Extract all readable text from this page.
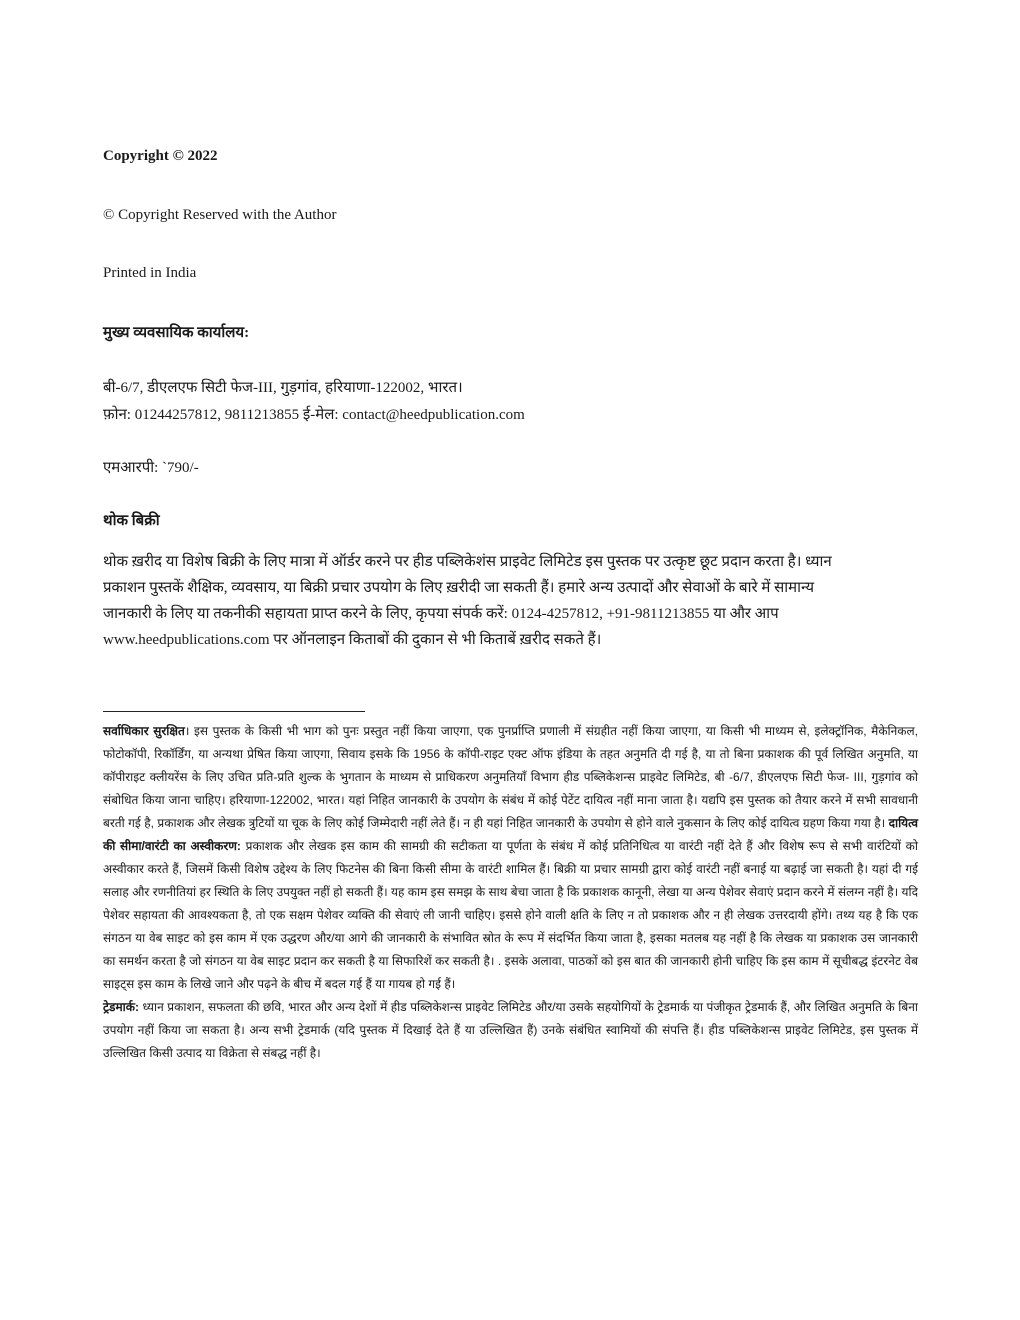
Copyright © 2022
© Copyright Reserved with the Author
Printed in India
मुख्य व्यवसायिक कार्यालय:
बी-6/7, डीएलएफ सिटी फेज-III, गुड़गांव, हरियाणा-122002, भारत।
फ़ोन: 01244257812, 9811213855 ई-मेल: contact@heedpublication.com
एमआरपी: `790/-
थोक बिक्री
थोक ख़रीद या विशेष बिक्री के लिए मात्रा में ऑर्डर करने पर हीड पब्लिकेशंस प्राइवेट लिमिटेड इस पुस्तक पर उत्कृष्ट छूट प्रदान करता है। ध्यान
प्रकाशन पुस्तकें शैक्षिक, व्यवसाय, या बिक्री प्रचार उपयोग के लिए ख़रीदी जा सकती हैं। हमारे अन्य उत्पादों और सेवाओं के बारे में सामान्य
जानकारी के लिए या तकनीकी सहायता प्राप्त करने के लिए, कृपया संपर्क करें: 0124-4257812, +91-9811213855 या और आप
www.heedpublications.com पर ऑनलाइन किताबों की दुकान से भी किताबें ख़रीद सकते हैं।

सर्वाधिकार सुरक्षित। इस पुस्तक के किसी भी भाग को पुनः प्रस्तुत नहीं किया जाएगा, एक पुनर्प्राप्ति प्रणाली में संग्रहीत नहीं किया जाएगा, या किसी भी माध्यम से, इलेक्ट्रॉनिक, मैकेनिकल, फोटोकॉपी, रिकॉर्डिंग, या अन्यथा प्रेषित किया जाएगा, सिवाय इसके कि 1956 के कॉपी-राइट एक्ट ऑफ इंडिया के तहत अनुमति दी गई है, या तो बिना प्रकाशक की पूर्व लिखित अनुमति, या कॉपीराइट क्लीयरेंस के लिए उचित प्रति-प्रति शुल्क के भुगतान के माध्यम से प्राधिकरण अनुमतियाँ विभाग हीड पब्लिकेशन्स प्राइवेट लिमिटेड, बी -6/7, डीएलएफ सिटी फेज- III, गुड़गांव को संबोधित किया जाना चाहिए। हरियाणा-122002, भारत। यहां निहित जानकारी के उपयोग के संबंध में कोई पेटेंट दायित्व नहीं माना जाता है। यद्यपि इस पुस्तक को तैयार करने में सभी सावधानी बरती गई है, प्रकाशक और लेखक त्रुटियों या चूक के लिए कोई जिम्मेदारी नहीं लेते हैं। न ही यहां निहित जानकारी के उपयोग से होने वाले नुकसान के लिए कोई दायित्व ग्रहण किया गया है। दायित्व की सीमा/वारंटी का अस्वीकरण: प्रकाशक और लेखक इस काम की सामग्री की सटीकता या पूर्णता के संबंध में कोई प्रतिनिधित्व या वारंटी नहीं देते हैं और विशेष रूप से सभी वारंटियों को अस्वीकार करते हैं, जिसमें किसी विशेष उद्देश्य के लिए फिटनेस की बिना किसी सीमा के वारंटी शामिल हैं। बिक्री या प्रचार सामग्री द्वारा कोई वारंटी नहीं बनाई या बढ़ाई जा सकती है। यहां दी गई सलाह और रणनीतियां हर स्थिति के लिए उपयुक्त नहीं हो सकती हैं। यह काम इस समझ के साथ बेचा जाता है कि प्रकाशक कानूनी, लेखा या अन्य पेशेवर सेवाएं प्रदान करने में संलग्न नहीं है। यदि पेशेवर सहायता की आवश्यकता है, तो एक सक्षम पेशेवर व्यक्ति की सेवाएं ली जानी चाहिए। इससे होने वाली क्षति के लिए न तो प्रकाशक और न ही लेखक उत्तरदायी होंगे। तथ्य यह है कि एक संगठन या वेब साइट को इस काम में एक उद्धरण और/या आगे की जानकारी के संभावित स्रोत के रूप में संदर्भित किया जाता है, इसका मतलब यह नहीं है कि लेखक या प्रकाशक उस जानकारी का समर्थन करता है जो संगठन या वेब साइट प्रदान कर सकती है या सिफारिशें कर सकती है। . इसके अलावा, पाठकों को इस बात की जानकारी होनी चाहिए कि इस काम में सूचीबद्ध इंटरनेट वेब साइट्स इस काम के लिखे जाने और पढ़ने के बीच में बदल गई हैं या गायब हो गई हैं।

ट्रेडमार्क: ध्यान प्रकाशन, सफलता की छवि, भारत और अन्य देशों में हीड पब्लिकेशन्स प्राइवेट लिमिटेड और/या उसके सहयोगियों के ट्रेडमार्क या पंजीकृत ट्रेडमार्क हैं, और लिखित अनुमति के बिना उपयोग नहीं किया जा सकता है। अन्य सभी ट्रेडमार्क (यदि पुस्तक में दिखाई देते हैं या उल्लिखित हैं) उनके संबंधित स्वामियों की संपत्ति हैं। हीड पब्लिकेशन्स प्राइवेट लिमिटेड, इस पुस्तक में उल्लिखित किसी उत्पाद या विक्रेता से संबद्ध नहीं है।
